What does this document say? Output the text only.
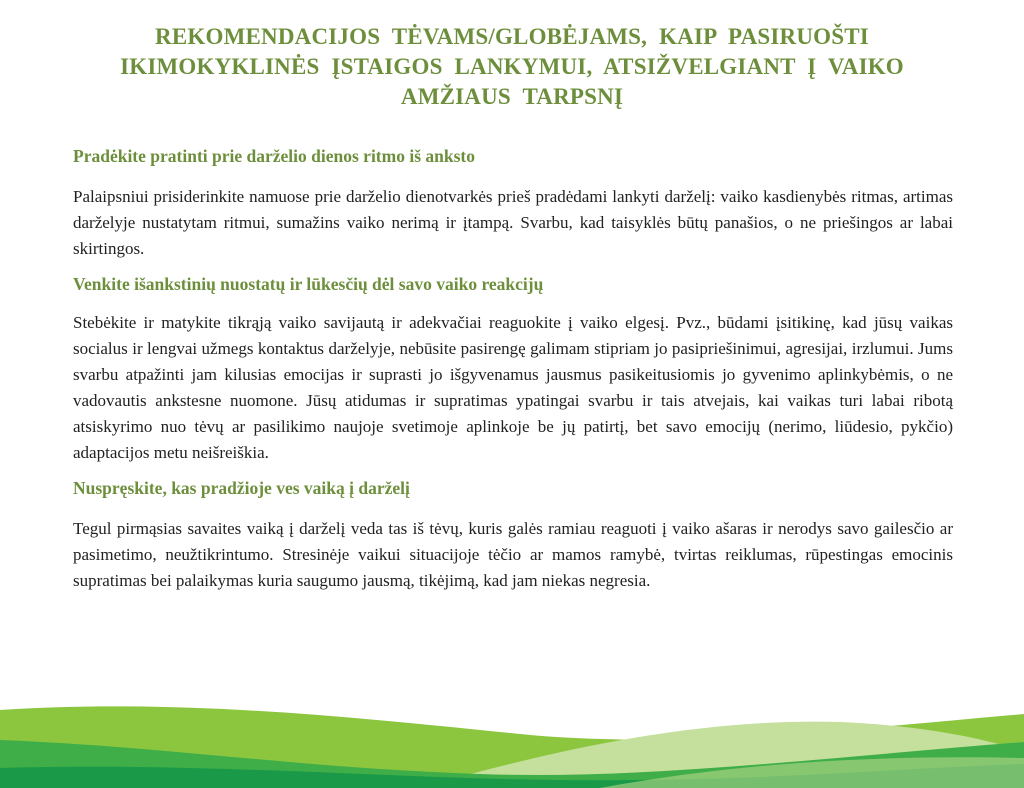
REKOMENDACIJOS TĖVAMS/GLOBĖJAMS, KAIP PASIRUOŠTI
IKIMOKYKLINĖS ĮSTAIGOS LANKYMUI, ATSIŽVELGIANT Į VAIKO
AMŽIAUS TARPSNĮ
Pradėkite pratinti prie darželio dienos ritmo iš anksto

Palaipsniui prisiderinkite namuose prie darželio dienotvarkės prieš pradėdami lankyti darželį: vaiko kasdienybės ritmas, artimas darželyje nustatytam ritmui, sumažins vaiko nerimą ir įtampą. Svarbu, kad taisyklės būtų panašios, o ne priešingos ar labai skirtingos.

Venkite išankstinių nuostatų ir lūkesčių dėl savo vaiko reakcijų

Stebėkite ir matykite tikrąją vaiko savijautą ir adekvačiai reaguokite į vaiko elgesį. Pvz., būdami įsitikinę, kad jūsų vaikas socialus ir lengvai užmegs kontaktus darželyje, nebūsite pasirengę galimam stipriam jo pasipriešinimui, agresijai, irzlumui. Jums svarbu atpažinti jam kilusias emocijas ir suprasti jo išgyvenamus jausmus pasikeitusiomis jo gyvenimo aplinkybėmis, o ne vadovautis ankstesne nuomone. Jūsų atidumas ir supratimas ypatingai svarbu ir tais atvejais, kai vaikas turi labai ribotą atsiskyrimo nuo tėvų ar pasilikimo naujoje svetimoje aplinkoje be jų patirtį, bet savo emocijų (nerimo, liūdesio, pykčio) adaptacijos metu neišreiškia.

Nuspręskite, kas pradžioje ves vaiką į darželį

Tegul pirmąsias savaites vaiką į darželį veda tas iš tėvų, kuris galės ramiau reaguoti į vaiko ašaras ir nerodys savo gailesčio ar pasimetimo, neužtikrintumo. Stresinėje vaikui situacijoje tėčio ar mamos ramybė, tvirtas reiklumas, rūpestingas emocinis supratimas bei palaikymas kuria saugumo jausmą, tikėjimą, kad jam niekas negresia.
